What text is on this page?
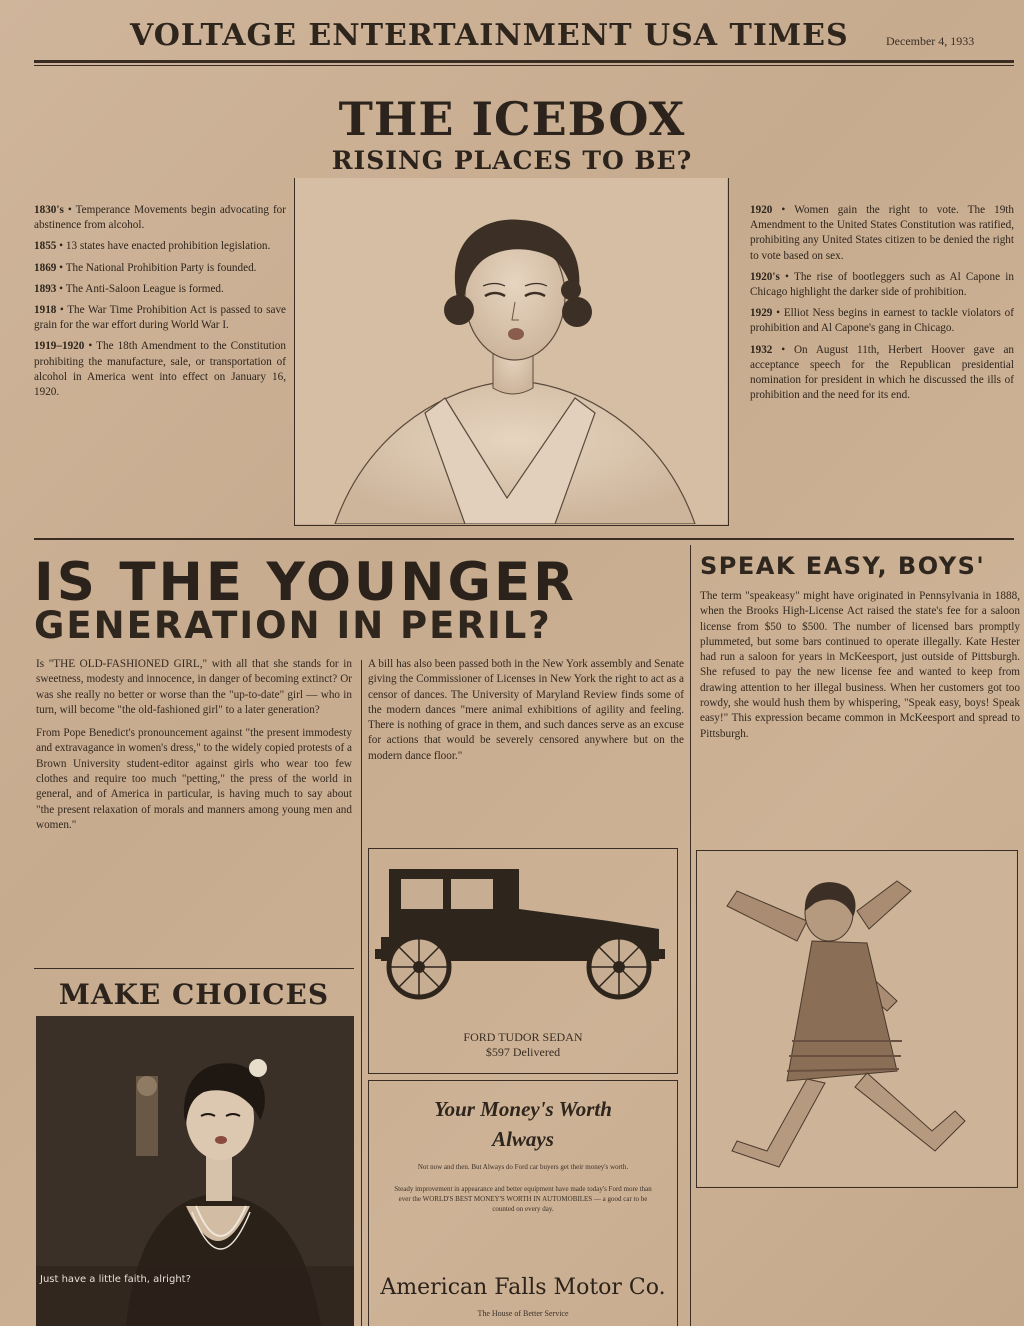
VOLTAGE ENTERTAINMENT USA TIMES	December 4, 1933
THE ICEBOX
RISING PLACES TO BE?
1830's • Temperance Movements begin advocating for abstinence from alcohol.
1855 • 13 states have enacted prohibition legislation.
1869 • The National Prohibition Party is founded.
1893 • The Anti-Saloon League is formed.
1918 • The War Time Prohibition Act is passed to save grain for the war effort during World War I.
1919–1920 • The 18th Amendment to the Constitution prohibiting the manufacture, sale, or transportation of alcohol in America went into effect on January 16, 1920.
1920 • Women gain the right to vote. The 19th Amendment to the United States Constitution was ratified, prohibiting any United States citizen to be denied the right to vote based on sex.
1920's • The rise of bootleggers such as Al Capone in Chicago highlight the darker side of prohibition.
1929 • Elliot Ness begins in earnest to tackle violators of prohibition and Al Capone's gang in Chicago.
1932 • On August 11th, Herbert Hoover gave an acceptance speech for the Republican presidential nomination for president in which he discussed the ills of prohibition and the need for its end.
IS THE YOUNGER
GENERATION IN PERIL?

Is "THE OLD-FASHIONED GIRL," with all that she stands for in sweetness, modesty and innocence, in danger of becoming extinct? Or was she really no better or worse than the "up-to-date" girl — who in turn, will become "the old-fashioned girl" to a later generation?

From Pope Benedict's pronouncement against "the present immodesty and extravagance in women's dress," to the widely copied protests of a Brown University student-editor against girls who wear too few clothes and require too much "petting," the press of the world in general, and of America in particular, is having much to say about "the present relaxation of morals and manners among young men and women."

A bill has also been passed both in the New York assembly and Senate giving the Commissioner of Licenses in New York the right to act as a censor of dances. The University of Maryland Review finds some of the modern dances "mere animal exhibitions of agility and feeling. There is nothing of grace in them, and such dances serve as an excuse for actions that would be severely censored anywhere but on the modern dance floor."

SPEAK EASY, BOYS'
The term "speakeasy" might have originated in Pennsylvania in 1888, when the Brooks High-License Act raised the state's fee for a saloon license from $50 to $500. The number of licensed bars promptly plummeted, but some bars continued to operate illegally. Kate Hester had run a saloon for years in McKeesport, just outside of Pittsburgh. She refused to pay the new license fee and wanted to keep from drawing attention to her illegal business. When her customers got too rowdy, she would hush them by whispering, "Speak easy, boys! Speak easy!" This expression became common in McKeesport and spread to Pittsburgh.
MAKE CHOICES
Just have a little faith, alright?
FORD TUDOR SEDAN
$597 Delivered
Your Money's Worth
Always

Not now and then. But Always do Ford car buyers get their money's worth.

Steady improvement in appearance and better equipment have made today's Ford more than ever the WORLD'S BEST MONEY'S WORTH IN AUTOMOBILES — a good car to be counted on every day.

American Falls Motor Co.
The House of Better Service
